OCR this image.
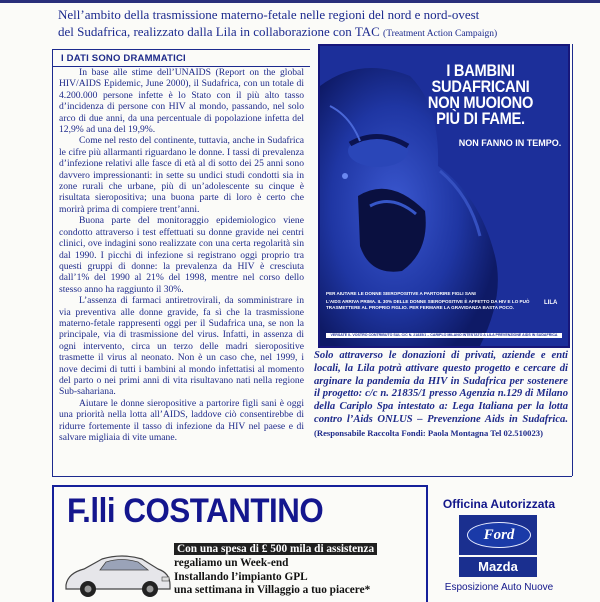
Nell’ambito della trasmissione materno-fetale nelle regioni del nord e nord-ovest
del Sudafrica, realizzato dalla Lila in collaborazione con TAC (Treatment Action Campaign)
I DATI SONO DRAMMATICI

In base alle stime dell’UNAIDS (Report on the global HIV/AIDS Epidemic, June 2000), il Sudafrica, con un totale di 4.200.000 persone infette è lo Stato con il più alto tasso d’incidenza di persone con HIV al mondo, passando, nel solo arco di due anni, da una percentuale di popolazione infetta del 12,9% ad una del 19,9%.

Come nel resto del continente, tuttavia, anche in Sudafrica le cifre più allarmanti riguardano le donne. I tassi di prevalenza d’infezione relativi alle fasce di età al di sotto dei 25 anni sono davvero impressionanti: in sette su undici studi condotti sia in zone rurali che urbane, più di un’adolescente su cinque è risultata sieropositiva; una buona parte di loro è certo che morirà prima di compiere trent’anni.

Buona parte del monitoraggio epidemiologico viene condotto attraverso i test effettuati su donne gravide nei centri clinici, ove indagini sono realizzate con una certa regolarità sin dal 1990. I picchi di infezione si registrano oggi proprio tra questi gruppi di donne: la prevalenza da HIV è cresciuta dall’1% del 1990 al 21% del 1998, mentre nel corso dello stesso anno ha raggiunto il 30%.

L’assenza di farmaci antiretrovirali, da somministrare in via preventiva alle donne gravide, fa sì che la trasmissione materno-fetale rappresenti oggi per il Sudafrica una, se non la principale, via di trasmissione del virus. Infatti, in assenza di ogni intervento, circa un terzo delle madri sieropositive trasmette il virus al neonato. Non è un caso che, nel 1999, i nove decimi di tutti i bambini al mondo infettatisi al momento del parto o nei primi anni di vita risultavano nati nella regione Sub-sahariana.

Aiutare le donne sieropositive a partorire figli sani è oggi una priorità nella lotta all’AIDS, laddove ciò consentirebbe di ridurre fortemente il tasso di infezione da HIV nel paese e di salvare migliaia di vite umane.

I BAMBINI
SUDAFRICANI
NON MUOIONO
PIÙ DI FAME.
NON FANNO IN TEMPO.
PER AIUTARE LE DONNE SIEROPOSITIVE A PARTORIRE FIGLI SANI
L’AIDS ARRIVA PRIMA. IL 30% DELLE DONNE SIEROPOSITIVE È AFFETTO DA HIV E LO PUÒ TRASMETTERE AL PROPRIO FIGLIO. PER FERMARE LA GRAVIDANZA BASTA POCO.
VERSATE IL VOSTRO CONTRIBUTO SUL C/C N. 21835/1 – CARIPLO MILANO INTESTATO A LILA PREVENZIONE AIDS IN SUDAFRICA
LILA
Solo attraverso le donazioni di privati, aziende e enti locali, la Lila potrà attivare questo progetto e cercare di arginare la pandemia da HIV in Sudafrica per sostenere il progetto: c/c n. 21835/1 presso Agenzia n.129 di Milano della Cariplo Spa intestato a: Lega Italiana per la lotta contro l’Aids ONLUS – Prevenzione Aids in Sudafrica. (Responsabile Raccolta Fondi: Paola Montagna Tel 02.510023)
F.lli COSTANTINO
Con una spesa di £ 500 mila di assistenza
regaliamo un Week-end
Installando l’impianto GPL
una settimana in Villaggio a tuo piacere*
Officina Autorizzata
Ford
Mazda
Esposizione Auto Nuove
